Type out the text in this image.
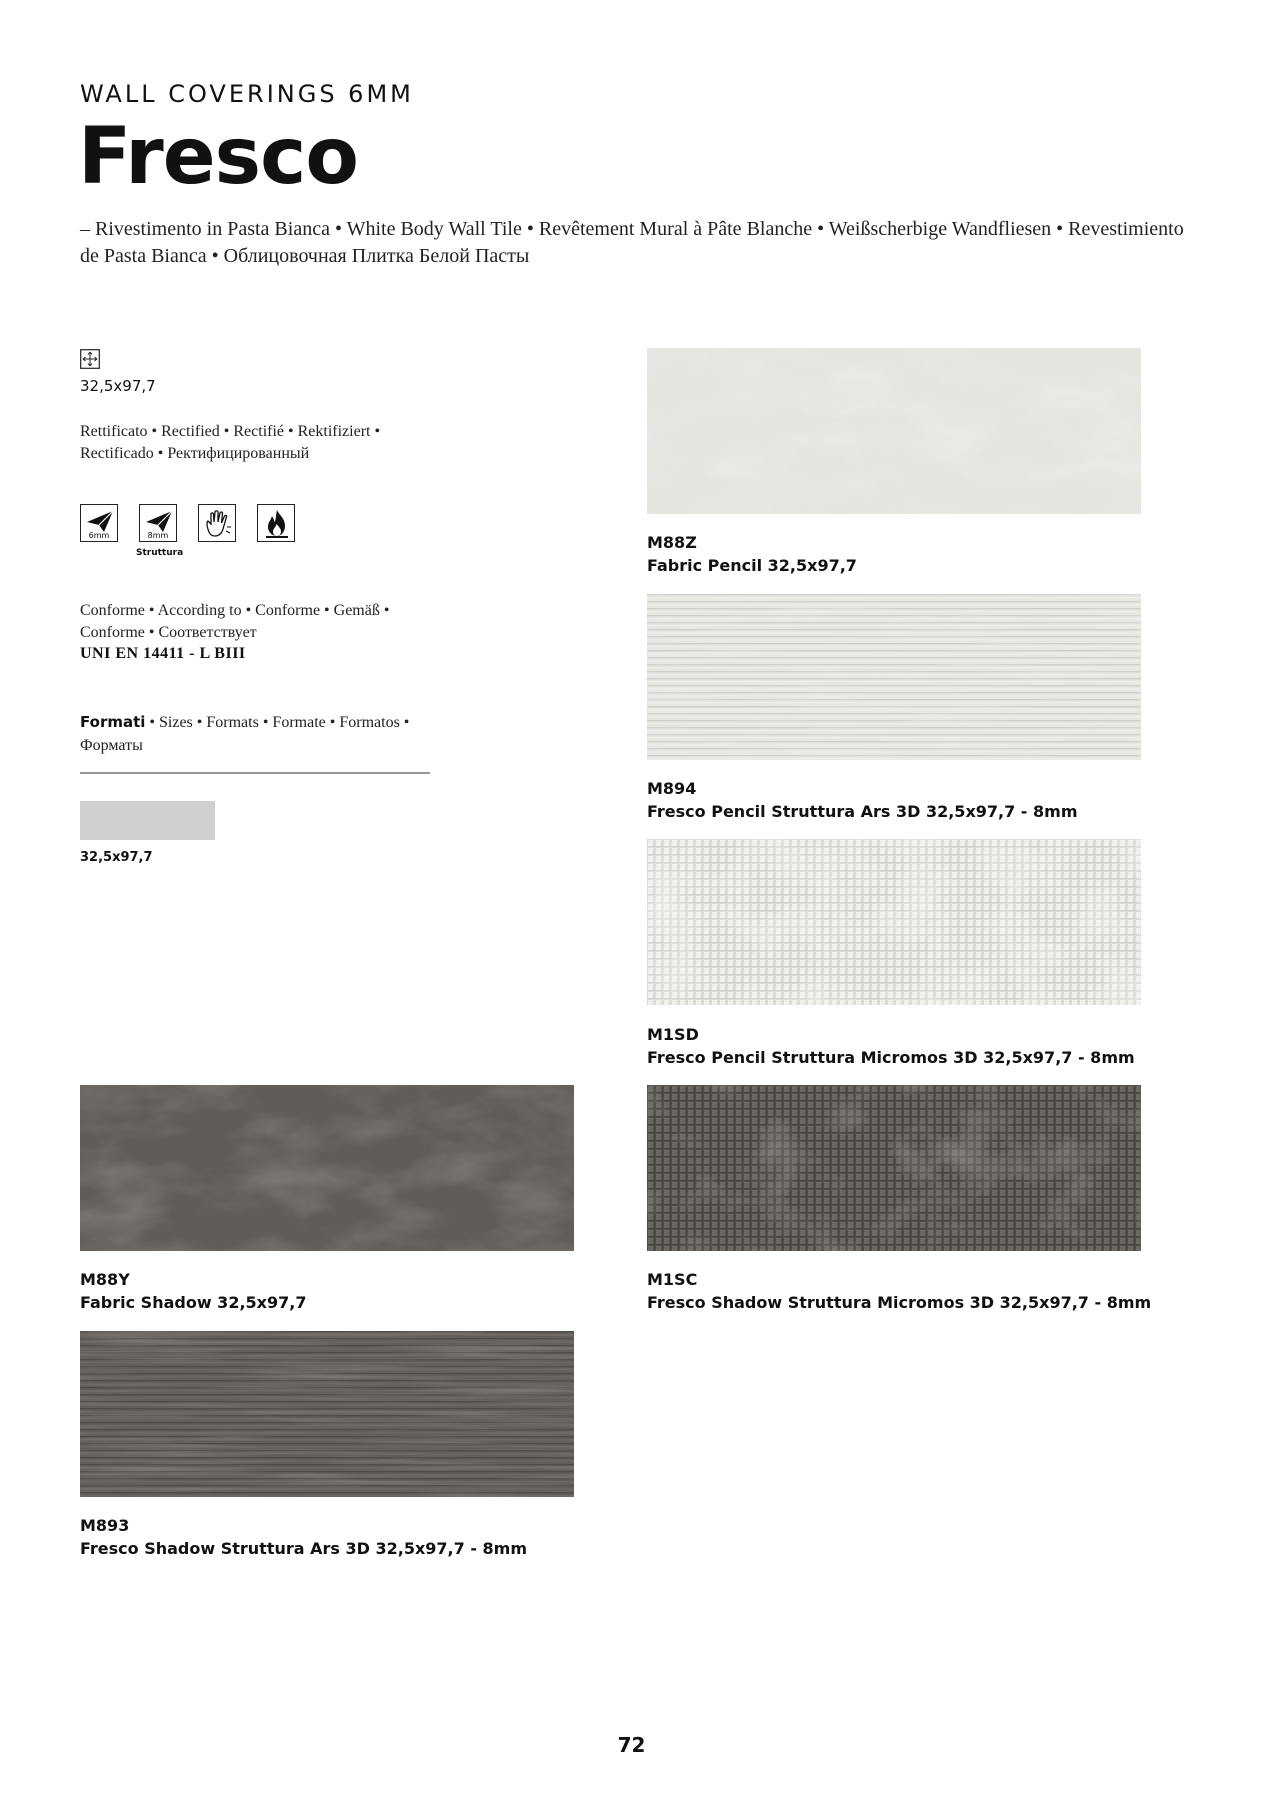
WALL COVERINGS 6MM
Fresco
– Rivestimento in Pasta Bianca • White Body Wall Tile • Revêtement Mural à Pâte Blanche • Weißscherbige Wandfliesen • Revestimiento de Pasta Bianca • Облицовочная Плитка Белой Пасты
32,5x97,7
Rettificato • Rectified • Rectifié • Rektifiziert • Rectificado • Ректифицированный
6mm	8mm
Struttura
Conforme • According to • Conforme • Gemäß • Conforme • Соответствует
UNI EN 14411 - L BIII
Formati • Sizes • Formats • Formate • Formatos • Форматы
32,5x97,7
M88Z
Fabric Pencil 32,5x97,7
M894
Fresco Pencil Struttura Ars 3D 32,5x97,7 - 8mm
M1SD
Fresco Pencil Struttura Micromos 3D 32,5x97,7 - 8mm
M88Y
Fabric Shadow 32,5x97,7
M1SC
Fresco Shadow Struttura Micromos 3D 32,5x97,7 - 8mm
M893
Fresco Shadow Struttura Ars 3D 32,5x97,7 - 8mm
72
